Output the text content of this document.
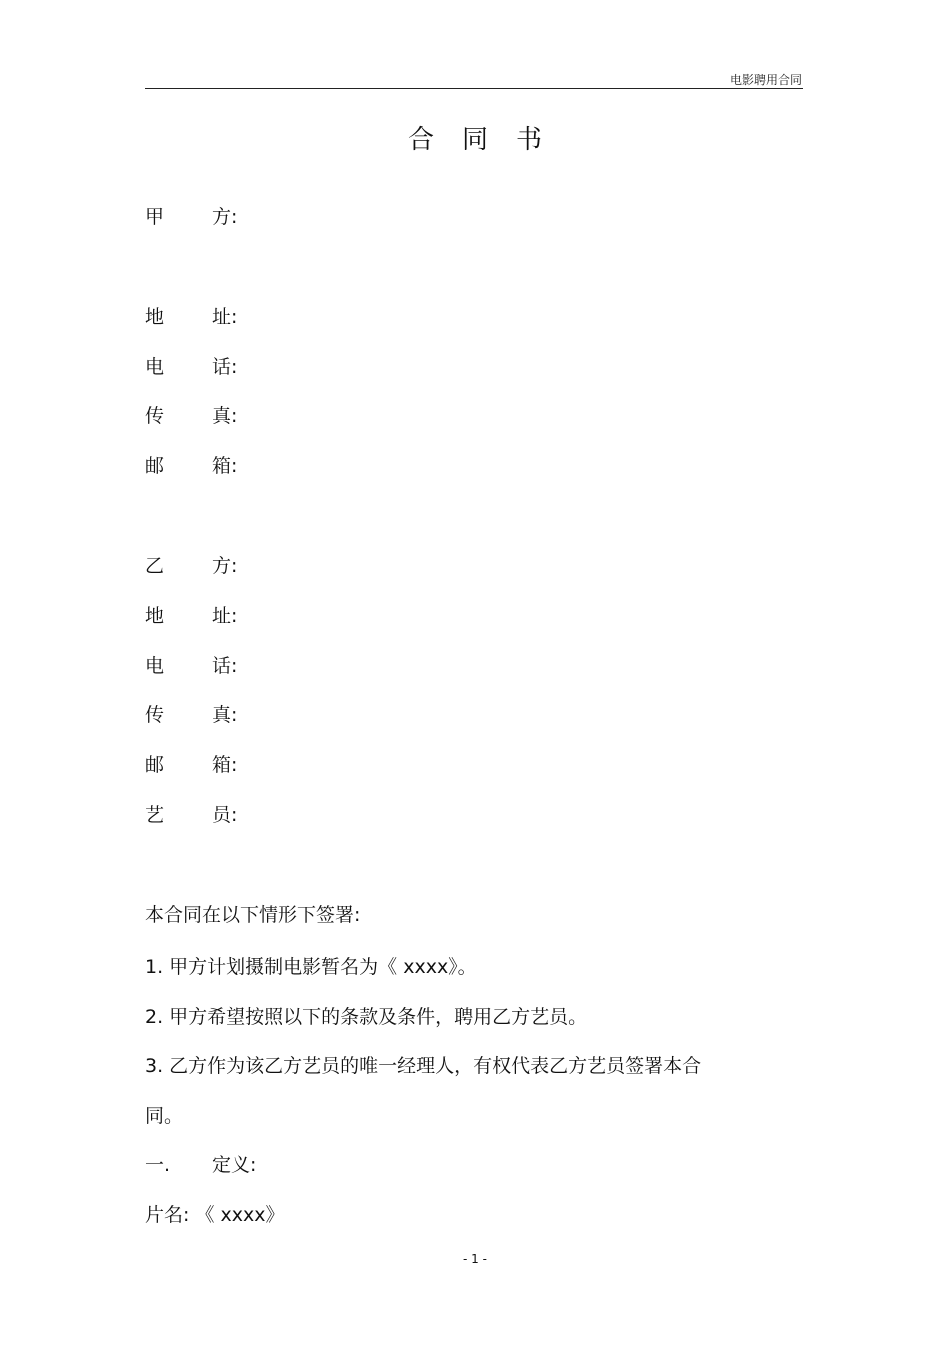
电影聘用合同
合同书
甲	方:
地	址:
电	话:
传	真:
邮	箱:
乙	方:
地	址:
电	话:
传	真:
邮	箱:
艺	员:
本合同在以下情形下签署:
1. 甲方计划摄制电影暂名为《 xxxx》。
2. 甲方希望按照以下的条款及条件，聘用乙方艺员。
3. 乙方作为该乙方艺员的唯一经理人，有权代表乙方艺员签署本合
同。
一. 定义:
片名: 《 xxxx》
- 1 -
